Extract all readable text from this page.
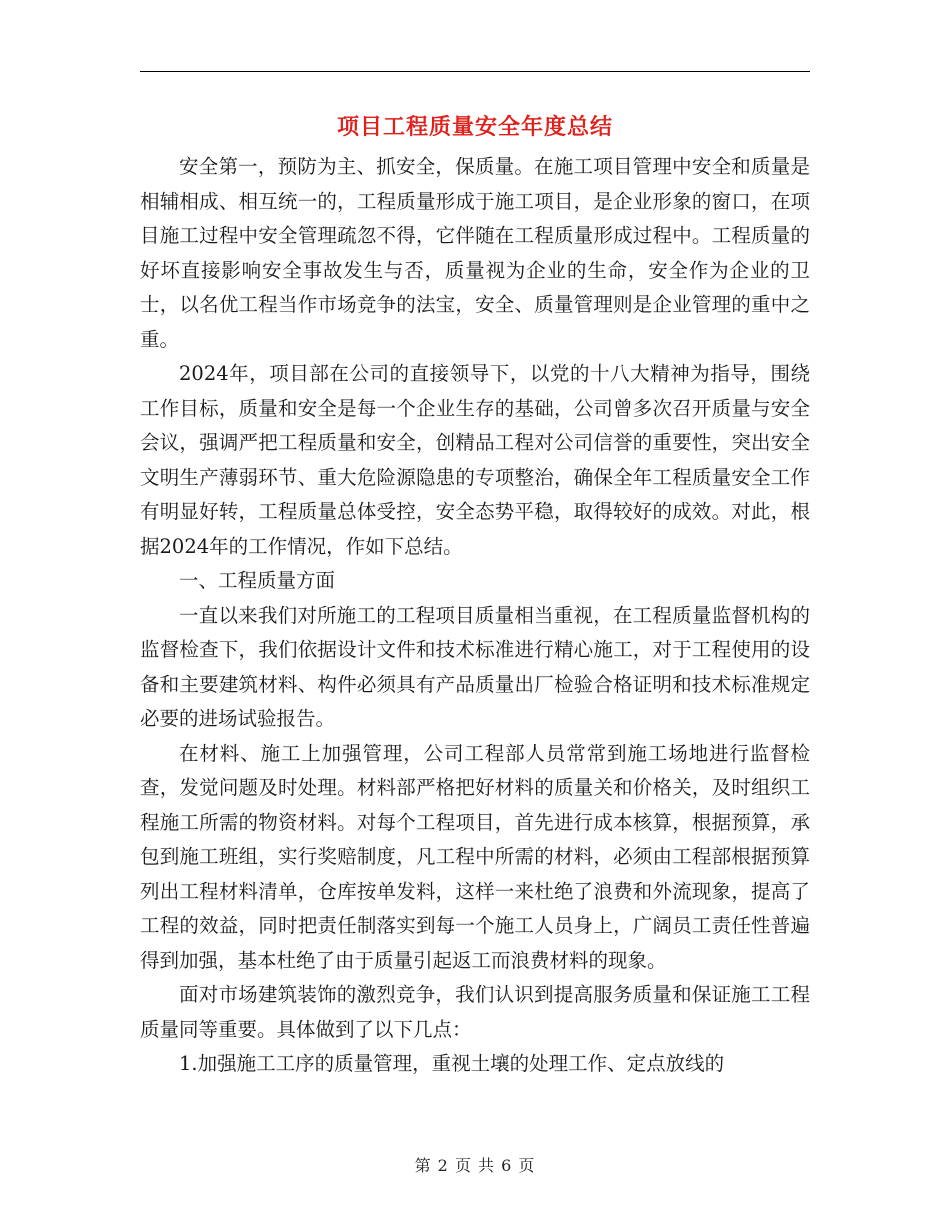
项目工程质量安全年度总结

安全第一，预防为主、抓安全，保质量。在施工项目管理中安全和质量是相辅相成、相互统一的，工程质量形成于施工项目，是企业形象的窗口，在项目施工过程中安全管理疏忽不得，它伴随在工程质量形成过程中。工程质量的好坏直接影响安全事故发生与否，质量视为企业的生命，安全作为企业的卫士，以名优工程当作市场竞争的法宝，安全、质量管理则是企业管理的重中之重。

2024年，项目部在公司的直接领导下，以党的十八大精神为指导，围绕工作目标，质量和安全是每一个企业生存的基础，公司曾多次召开质量与安全会议，强调严把工程质量和安全，创精品工程对公司信誉的重要性，突出安全文明生产薄弱环节、重大危险源隐患的专项整治，确保全年工程质量安全工作有明显好转，工程质量总体受控，安全态势平稳，取得较好的成效。对此，根据2024年的工作情况，作如下总结。

一、工程质量方面

一直以来我们对所施工的工程项目质量相当重视，在工程质量监督机构的监督检查下，我们依据设计文件和技术标准进行精心施工，对于工程使用的设备和主要建筑材料、构件必须具有产品质量出厂检验合格证明和技术标准规定必要的进场试验报告。

在材料、施工上加强管理，公司工程部人员常常到施工场地进行监督检查，发觉问题及时处理。材料部严格把好材料的质量关和价格关，及时组织工程施工所需的物资材料。对每个工程项目，首先进行成本核算，根据预算，承包到施工班组，实行奖赔制度，凡工程中所需的材料，必须由工程部根据预算列出工程材料清单，仓库按单发料，这样一来杜绝了浪费和外流现象，提高了工程的效益，同时把责任制落实到每一个施工人员身上，广阔员工责任性普遍得到加强，基本杜绝了由于质量引起返工而浪费材料的现象。

面对市场建筑装饰的激烈竞争，我们认识到提高服务质量和保证施工工程质量同等重要。具体做到了以下几点：

1.加强施工工序的质量管理，重视土壤的处理工作、定点放线的

第 2 页 共 6 页
